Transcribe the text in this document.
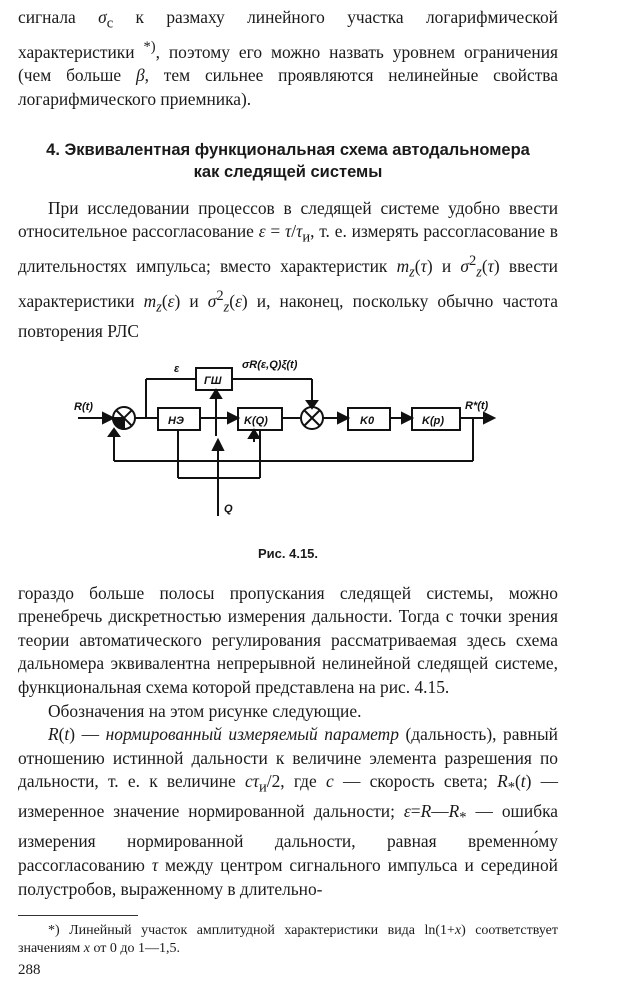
сигнала $\sigma_с$ к размаху линейного участка логарифмической характеристики *), поэтому его можно назвать уровнем ограничения (чем больше β, тем сильнее проявляются нелинейные свойства логарифмического приемника).

4. Эквивалентная функциональная схема автодальномера
как следящей системы

При исследовании процессов в следящей системе удобно ввести относительное рассогласование $\varepsilon = \tau/\tau_и$, т. е. измерять рассогласование в длительностях импульса; вместо характеристик $m_z(\tau)$ и $\sigma^2_z(\tau)$ ввести характеристики $m_z(\varepsilon)$ и $\sigma^2_z(\varepsilon)$ и, наконец, поскольку обычно частота повторения РЛС

R(t)	R*(t)
ε	σR(ε,Q)ξ(t)
Q
ГШ
НЭ	K(Q)	K0	K(p)
Рис. 4.15.

гораздо больше полосы пропускания следящей системы, можно пренебречь дискретностью измерения дальности. Тогда с точки зрения теории автоматического регулирования рассматриваемая здесь схема дальномера эквивалентна непрерывной нелинейной следящей системе, функциональная схема которой представлена на рис. 4.15.

Обозначения на этом рисунке следующие.

R(t) — нормированный измеряемый параметр (дальность), равный отношению истинной дальности к величине элемента разрешения по дальности, т. е. к величине $c\tau_и/2$, где c — скорость света; $R_*(t)$ — измеренное значение нормированной дальности; $\varepsilon=R—R_*$ — ошибка измерения нормированной дальности, равная временно́му рассогласованию τ между центром сигнального импульса и серединой полустробов, выраженному в длительно-

*) Линейный участок амплитудной характеристики вида ln(1+x) соответствует значениям x от 0 до 1—1,5.

288
